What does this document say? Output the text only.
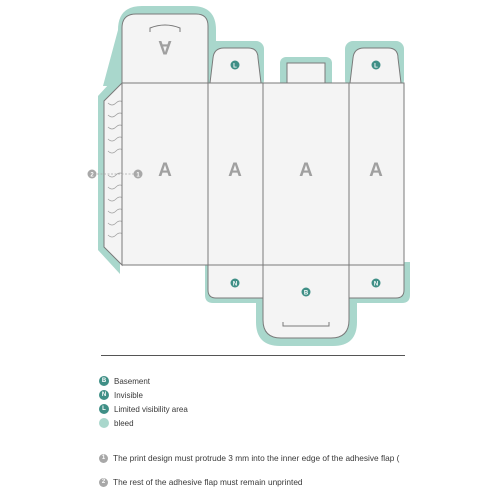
A
A	A	A	A
L	L
N
B
N
2	1
B Basement
N Invisible
L	Limited visibility area
bleed
1 The print design must protrude 3 mm into the inner edge of the adhesive flap (
2 The rest of the adhesive flap must remain unprinted
